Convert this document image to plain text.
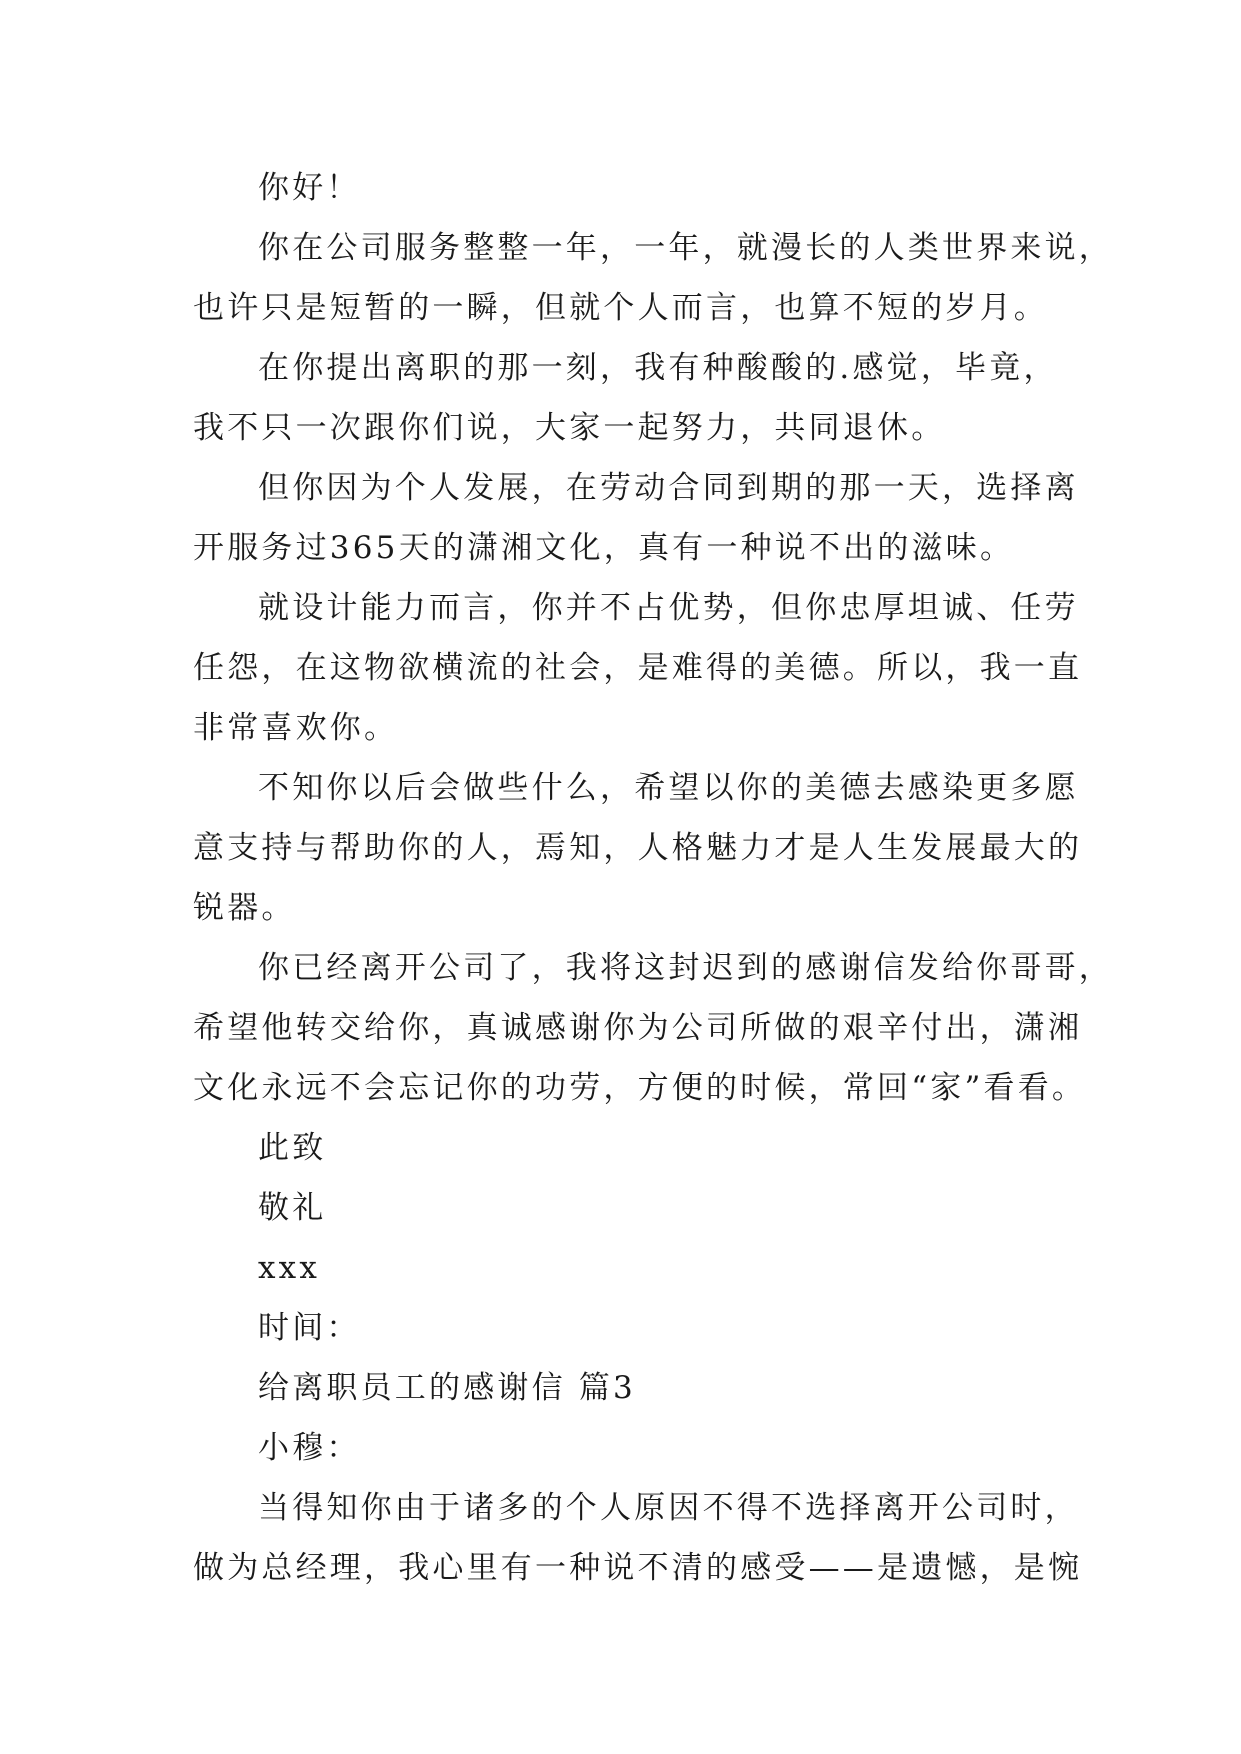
你好！
你在公司服务整整一年，一年，就漫长的人类世界来说，
也许只是短暂的一瞬，但就个人而言，也算不短的岁月。
在你提出离职的那一刻，我有种酸酸的.感觉，毕竟，
我不只一次跟你们说，大家一起努力，共同退休。
但你因为个人发展，在劳动合同到期的那一天，选择离
开服务过365天的潇湘文化，真有一种说不出的滋味。
就设计能力而言，你并不占优势，但你忠厚坦诚、任劳
任怨，在这物欲横流的社会，是难得的美德。所以，我一直
非常喜欢你。
不知你以后会做些什么，希望以你的美德去感染更多愿
意支持与帮助你的人，焉知，人格魅力才是人生发展最大的
锐器。
你已经离开公司了，我将这封迟到的感谢信发给你哥哥，
希望他转交给你，真诚感谢你为公司所做的艰辛付出，潇湘
文化永远不会忘记你的功劳，方便的时候，常回“家”看看。
此致
敬礼
xxx
时间：
给离职员工的感谢信 篇3
小穆：
当得知你由于诸多的个人原因不得不选择离开公司时，
做为总经理，我心里有一种说不清的感受——是遗憾，是惋
